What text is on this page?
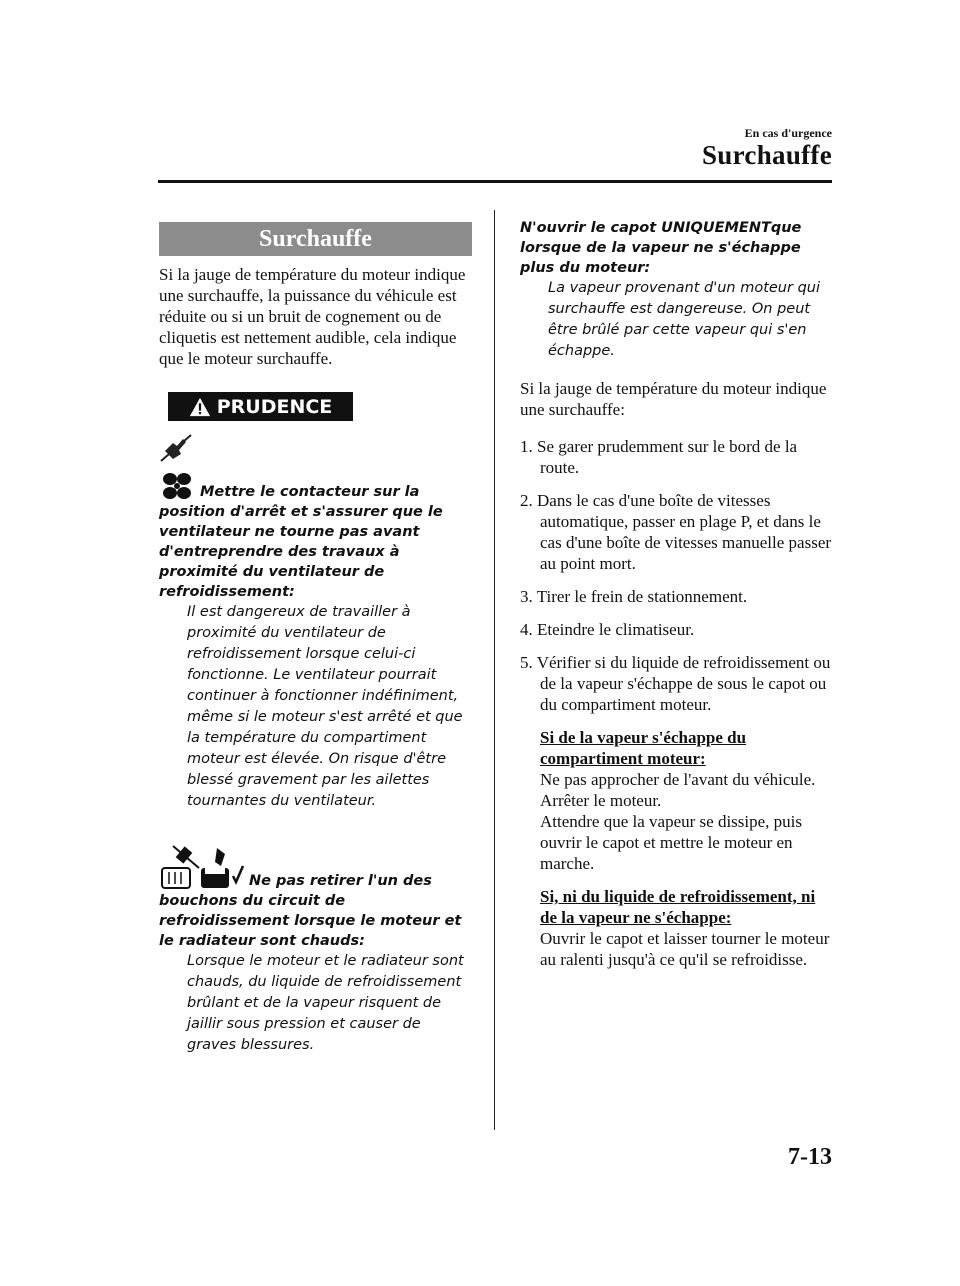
En cas d'urgence
Surchauffe
Surchauffe

Si la jauge de température du moteur indique une surchauffe, la puissance du véhicule est réduite ou si un bruit de cognement ou de cliquetis est nettement audible, cela indique que le moteur surchauffe.

PRUDENCE

Mettre le contacteur sur la position d'arrêt et s'assurer que le ventilateur ne tourne pas avant d'entreprendre des travaux à proximité du ventilateur de refroidissement:

Il est dangereux de travailler à proximité du ventilateur de refroidissement lorsque celui-ci fonctionne. Le ventilateur pourrait continuer à fonctionner indéfiniment, même si le moteur s'est arrêté et que la température du compartiment moteur est élevée. On risque d'être blessé gravement par les ailettes tournantes du ventilateur.

Ne pas retirer l'un des bouchons du circuit de refroidissement lorsque le moteur et le radiateur sont chauds:

Lorsque le moteur et le radiateur sont chauds, du liquide de refroidissement brûlant et de la vapeur risquent de jaillir sous pression et causer de graves blessures.

N'ouvrir le capot UNIQUEMENTque lorsque de la vapeur ne s'échappe plus du moteur:

La vapeur provenant d'un moteur qui surchauffe est dangereuse. On peut être brûlé par cette vapeur qui s'en échappe.

Si la jauge de température du moteur indique une surchauffe:

1. Se garer prudemment sur le bord de la route.
2. Dans le cas d'une boîte de vitesses automatique, passer en plage P, et dans le cas d'une boîte de vitesses manuelle passer au point mort.
3. Tirer le frein de stationnement.
4. Eteindre le climatiseur.
5. Vérifier si du liquide de refroidissement ou de la vapeur s'échappe de sous le capot ou du compartiment moteur.

Si de la vapeur s'échappe du compartiment moteur:

Ne pas approcher de l'avant du véhicule. Arrêter le moteur.

Attendre que la vapeur se dissipe, puis ouvrir le capot et mettre le moteur en marche.

Si, ni du liquide de refroidissement, ni de la vapeur ne s'échappe:

Ouvrir le capot et laisser tourner le moteur au ralenti jusqu'à ce qu'il se refroidisse.

7-13
